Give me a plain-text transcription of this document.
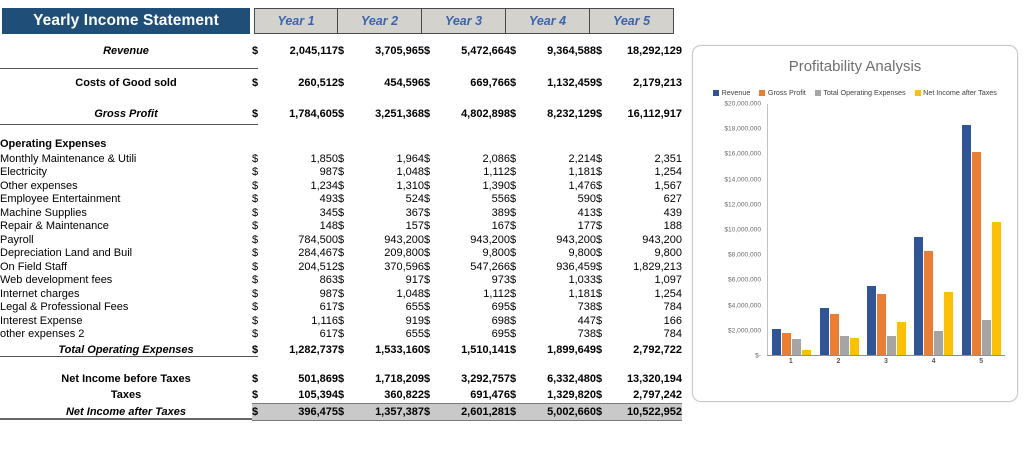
Yearly Income Statement	Year 1	Year 2	Year 3	Year 4	Year 5
Revenue	$	2,045,117	$	3,705,965	$	5,472,664	$	9,364,588	$	18,292,129

Costs of Good sold	$	260,512	$	454,596	$	669,766	$	1,132,459	$	2,179,213

Gross Profit	$	1,784,605	$	3,251,368	$	4,802,898	$	8,232,129	$	16,112,917

Operating Expenses										
Monthly Maintenance & Utili	$	1,850	$	1,964	$	2,086	$	2,214	$	2,351
Electricity	$	987	$	1,048	$	1,112	$	1,181	$	1,254
Other expenses	$	1,234	$	1,310	$	1,390	$	1,476	$	1,567
Employee Entertainment	$	493	$	524	$	556	$	590	$	627
Machine Supplies	$	345	$	367	$	389	$	413	$	439
Repair & Maintenance	$	148	$	157	$	167	$	177	$	188
Payroll	$	784,500	$	943,200	$	943,200	$	943,200	$	943,200
Depreciation Land and Buil	$	284,467	$	209,800	$	9,800	$	9,800	$	9,800
On Field Staff	$	204,512	$	370,596	$	547,266	$	936,459	$	1,829,213
Web development fees	$	863	$	917	$	973	$	1,033	$	1,097
Internet charges	$	987	$	1,048	$	1,112	$	1,181	$	1,254
Legal & Professional Fees	$	617	$	655	$	695	$	738	$	784
Interest Expense	$	1,116	$	919	$	698	$	447	$	166
other expenses 2	$	617	$	655	$	695	$	738	$	784
Total Operating Expenses	$	1,282,737	$	1,533,160	$	1,510,141	$	1,899,649	$	2,792,722

Net Income before Taxes	$	501,869	$	1,718,209	$	3,292,757	$	6,332,480	$	13,320,194
Taxes	$	105,394	$	360,822	$	691,476	$	1,329,820	$	2,797,242
Net Income after Taxes	$	396,475	$	1,357,387	$	2,601,281	$	5,002,660	$	10,522,952
Profitability Analysis
Revenue Gross Profit Total Operating Expenses Net Income after Taxes
$20,000,000
$18,000,000
$16,000,000
$14,000,000
$12,000,000
$10,000,000
$8,000,000
$6,000,000
$4,000,000
$2,000,000
$-
1	2	3	4	5
